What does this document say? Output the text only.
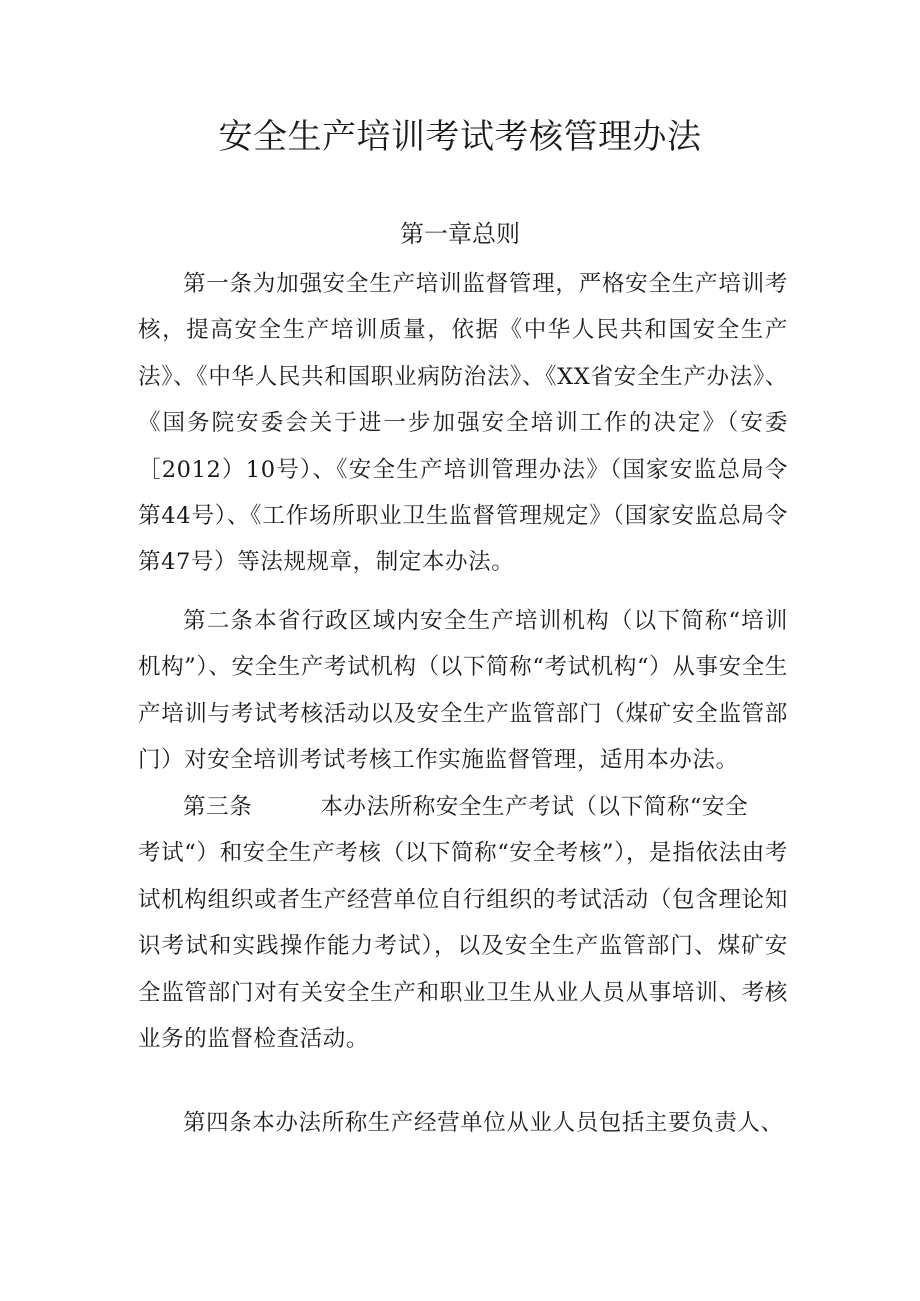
安全生产培训考试考核管理办法
第一章总则

第一条为加强安全生产培训监督管理，严格安全生产培训考核，提高安全生产培训质量，依据《中华人民共和国安全生产法》、《中华人民共和国职业病防治法》、《XX省安全生产办法》、《国务院安委会关于进一步加强安全培训工作的决定》（安委［2012）10号）、《安全生产培训管理办法》（国家安监总局令第44号）、《工作场所职业卫生监督管理规定》（国家安监总局令第47号）等法规规章，制定本办法。

第二条本省行政区域内安全生产培训机构（以下简称“培训机构”）、安全生产考试机构（以下简称“考试机构“）从事安全生产培训与考试考核活动以及安全生产监管部门（煤矿安全监管部门）对安全培训考试考核工作实施监督管理，适用本办法。

第三条	本办法所称安全生产考试（以下简称“安全
考试“）和安全生产考核（以下简称“安全考核”），是指依法由考试机构组织或者生产经营单位自行组织的考试活动（包含理论知识考试和实践操作能力考试），以及安全生产监管部门、煤矿安全监管部门对有关安全生产和职业卫生从业人员从事培训、考核业务的监督检查活动。

第四条本办法所称生产经营单位从业人员包括主要负责人、
